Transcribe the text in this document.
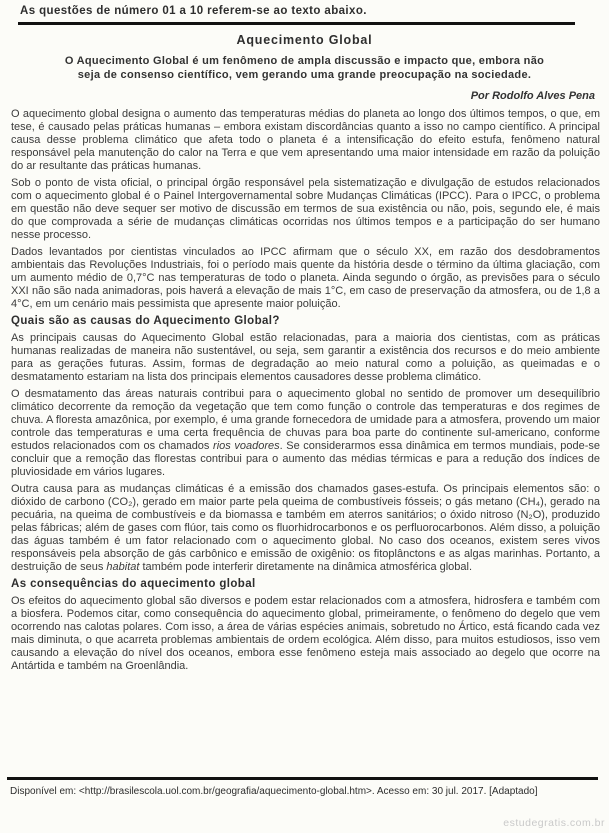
As questões de número 01 a 10 referem-se ao texto abaixo.
Aquecimento Global
O Aquecimento Global é um fenômeno de ampla discussão e impacto que, embora não seja de consenso científico, vem gerando uma grande preocupação na sociedade.
Por Rodolfo Alves Pena

O aquecimento global designa o aumento das temperaturas médias do planeta ao longo dos últimos tempos, o que, em tese, é causado pelas práticas humanas – embora existam discordâncias quanto a isso no campo científico. A principal causa desse problema climático que afeta todo o planeta é a intensificação do efeito estufa, fenômeno natural responsável pela manutenção do calor na Terra e que vem apresentando uma maior intensidade em razão da poluição do ar resultante das práticas humanas.

Sob o ponto de vista oficial, o principal órgão responsável pela sistematização e divulgação de estudos relacionados com o aquecimento global é o Painel Intergovernamental sobre Mudanças Climáticas (IPCC). Para o IPCC, o problema em questão não deve sequer ser motivo de discussão em termos de sua existência ou não, pois, segundo ele, é mais do que comprovada a série de mudanças climáticas ocorridas nos últimos tempos e a participação do ser humano nesse processo.

Dados levantados por cientistas vinculados ao IPCC afirmam que o século XX, em razão dos desdobramentos ambientais das Revoluções Industriais, foi o período mais quente da história desde o término da última glaciação, com um aumento médio de 0,7°C nas temperaturas de todo o planeta. Ainda segundo o órgão, as previsões para o século XXI não são nada animadoras, pois haverá a elevação de mais 1°C, em caso de preservação da atmosfera, ou de 1,8 a 4°C, em um cenário mais pessimista que apresente maior poluição.

Quais são as causas do Aquecimento Global?

As principais causas do Aquecimento Global estão relacionadas, para a maioria dos cientistas, com as práticas humanas realizadas de maneira não sustentável, ou seja, sem garantir a existência dos recursos e do meio ambiente para as gerações futuras. Assim, formas de degradação ao meio natural como a poluição, as queimadas e o desmatamento estariam na lista dos principais elementos causadores desse problema climático.

O desmatamento das áreas naturais contribui para o aquecimento global no sentido de promover um desequilíbrio climático decorrente da remoção da vegetação que tem como função o controle das temperaturas e dos regimes de chuva. A floresta amazônica, por exemplo, é uma grande fornecedora de umidade para a atmosfera, provendo um maior controle das temperaturas e uma certa frequência de chuvas para boa parte do continente sul-americano, conforme estudos relacionados com os chamados rios voadores. Se considerarmos essa dinâmica em termos mundiais, pode-se concluir que a remoção das florestas contribui para o aumento das médias térmicas e para a redução dos índices de pluviosidade em vários lugares.

Outra causa para as mudanças climáticas é a emissão dos chamados gases-estufa. Os principais elementos são: o dióxido de carbono (CO₂), gerado em maior parte pela queima de combustíveis fósseis; o gás metano (CH₄), gerado na pecuária, na queima de combustíveis e da biomassa e também em aterros sanitários; o óxido nitroso (N₂O), produzido pelas fábricas; além de gases com flúor, tais como os fluorhidrocarbonos e os perfluorocarbonos. Além disso, a poluição das águas também é um fator relacionado com o aquecimento global. No caso dos oceanos, existem seres vivos responsáveis pela absorção de gás carbônico e emissão de oxigênio: os fitoplânctons e as algas marinhas. Portanto, a destruição de seus habitat também pode interferir diretamente na dinâmica atmosférica global.

As consequências do aquecimento global

Os efeitos do aquecimento global são diversos e podem estar relacionados com a atmosfera, hidrosfera e também com a biosfera. Podemos citar, como consequência do aquecimento global, primeiramente, o fenômeno do degelo que vem ocorrendo nas calotas polares. Com isso, a área de várias espécies animais, sobretudo no Ártico, está ficando cada vez mais diminuta, o que acarreta problemas ambientais de ordem ecológica. Além disso, para muitos estudiosos, isso vem causando a elevação do nível dos oceanos, embora esse fenômeno esteja mais associado ao degelo que ocorre na Antártida e também na Groenlândia.

Disponível em: <http://brasilescola.uol.com.br/geografia/aquecimento-global.htm>. Acesso em: 30 jul. 2017. [Adaptado]
estudegratis.com.br
